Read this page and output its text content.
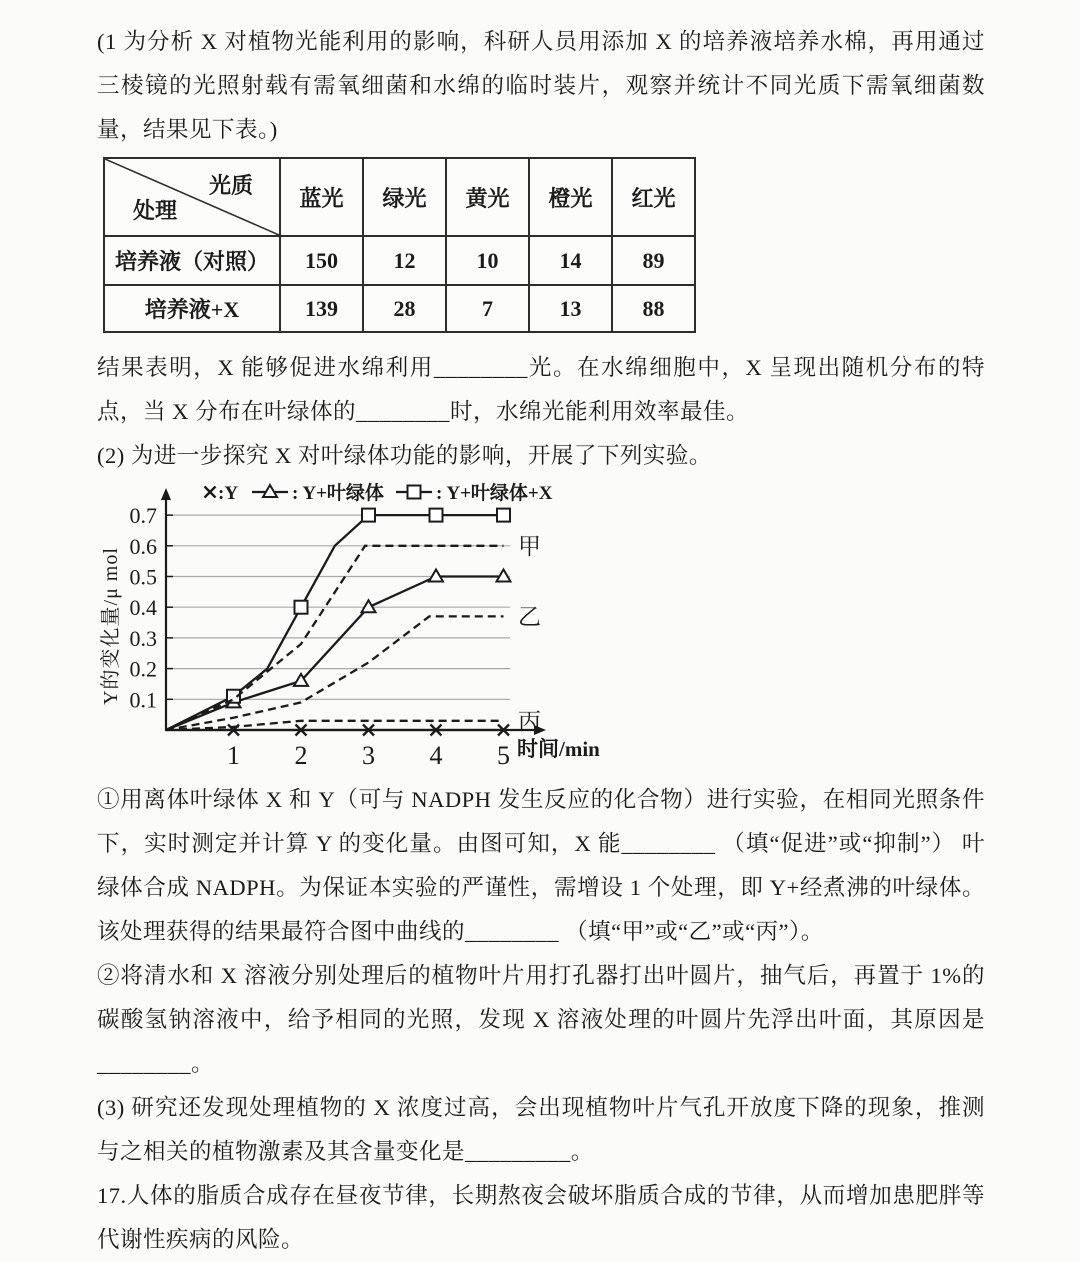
(1 为分析 X 对植物光能利用的影响，科研人员用添加 X 的培养液培养水棉，再用通过三棱镜的光照射载有需氧细菌和水绵的临时装片，观察并统计不同光质下需氧细菌数量，结果见下表。)

光质
处理	蓝光	绿光	黄光	橙光	红光
培养液（对照）	150	12	10	14	89
培养液+X	139	28	7	13	88

结果表明，X 能够促进水绵利用________光。在水绵细胞中，X 呈现出随机分布的特点，当 X 分布在叶绿体的________时，水绵光能利用效率最佳。

(2) 为进一步探究 X 对叶绿体功能的影响，开展了下列实验。

0.1
0.2
0.3
0.4
0.5
0.6
0.7
1 2 3 4 5 时间/min
Y的变化量/μ mol
甲
乙
丙
:Y	: Y+叶绿体	: Y+叶绿体+X

①用离体叶绿体 X 和 Y（可与 NADPH 发生反应的化合物）进行实验，在相同光照条件下，实时测定并计算 Y 的变化量。由图可知，X 能________ （填“促进”或“抑制”） 叶绿体合成 NADPH。为保证本实验的严谨性，需增设 1 个处理，即 Y+经煮沸的叶绿体。该处理获得的结果最符合图中曲线的________ （填“甲”或“乙”或“丙”）。

②将清水和 X 溶液分别处理后的植物叶片用打孔器打出叶圆片，抽气后，再置于 1%的碳酸氢钠溶液中，给予相同的光照，发现 X 溶液处理的叶圆片先浮出叶面，其原因是________。

(3) 研究还发现处理植物的 X 浓度过高，会出现植物叶片气孔开放度下降的现象，推测与之相关的植物激素及其含量变化是_________。

17.人体的脂质合成存在昼夜节律，长期熬夜会破坏脂质合成的节律，从而增加患肥胖等代谢性疾病的风险。
